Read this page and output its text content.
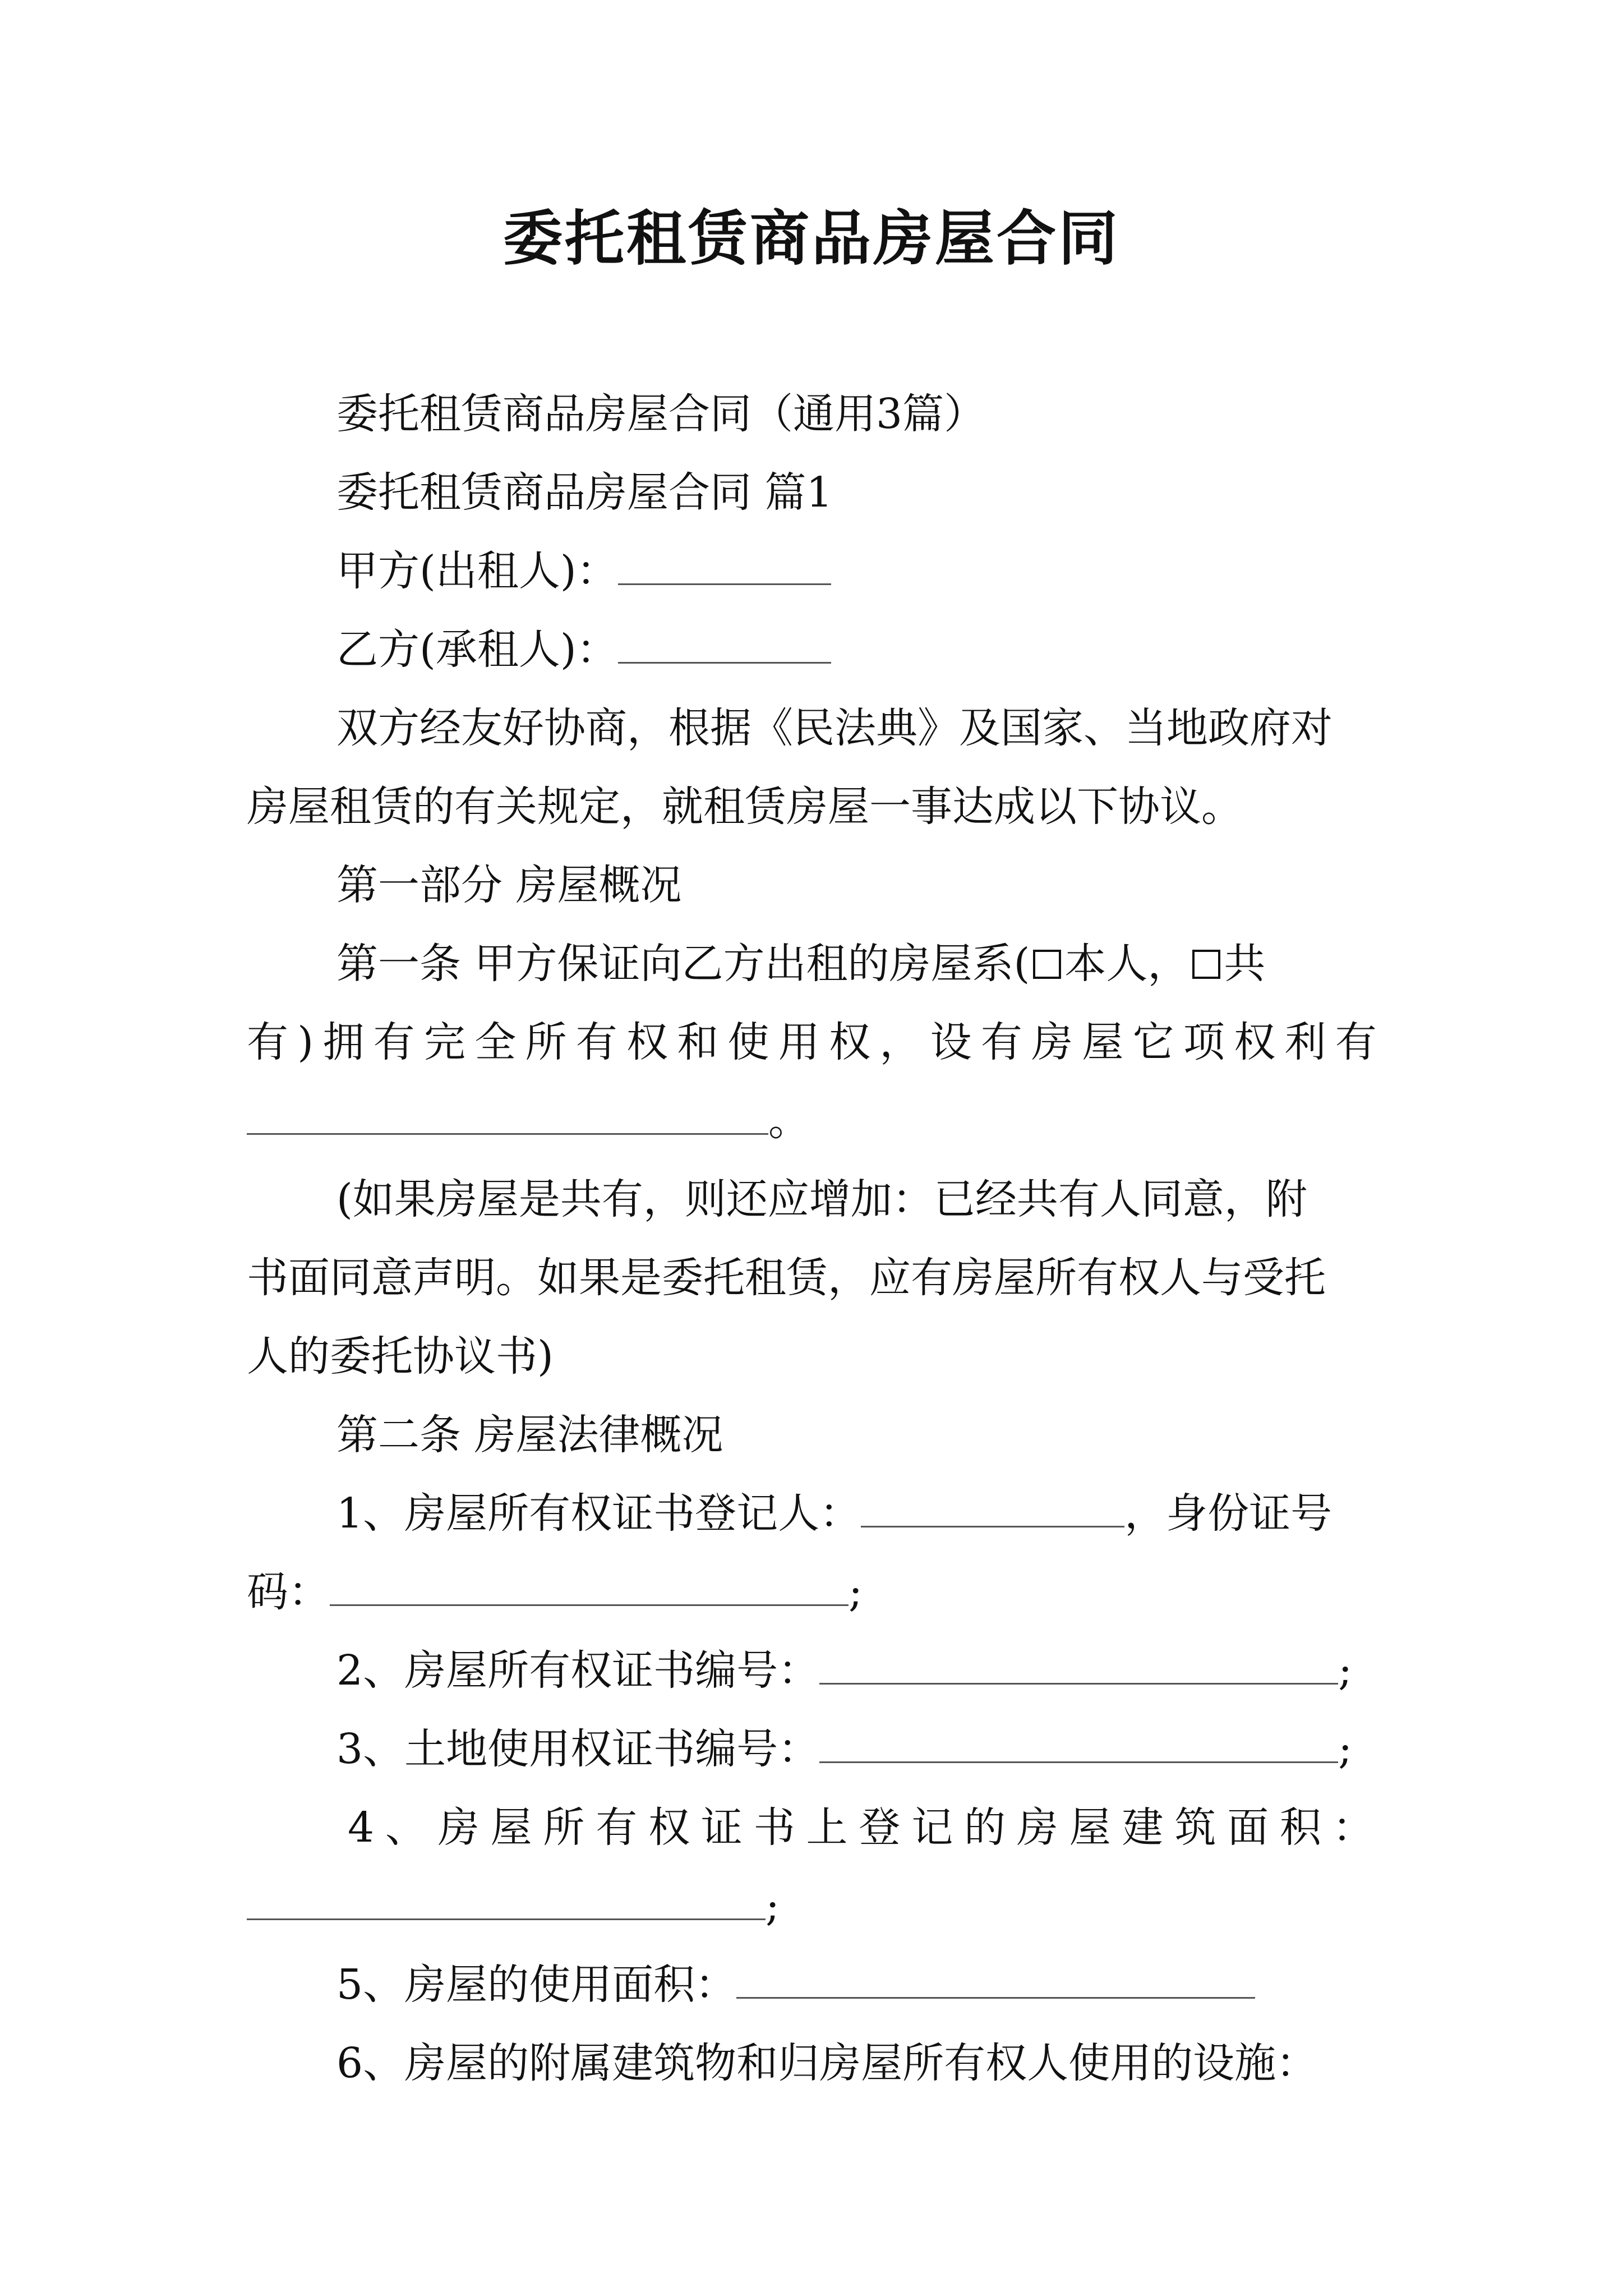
委托租赁商品房屋合同
委托租赁商品房屋合同（通用3篇）
委托租赁商品房屋合同 篇1
甲方(出租人)：
乙方(承租人)：
双方经友好协商，根据《民法典》及国家、当地政府对
房屋租赁的有关规定，就租赁房屋一事达成以下协议。
第一部分 房屋概况
第一条 甲方保证向乙方出租的房屋系( 本人， 共
有 ) 拥 有 完 全 所 有 权 和 使 用 权 ， 设 有 房 屋 它 项 权 利 有
。
(如果房屋是共有，则还应增加：已经共有人同意，附
书面同意声明。如果是委托租赁，应有房屋所有权人与受托
人的委托协议书)
第二条 房屋法律概况
1、房屋所有权证书登记人：	，身份证号
码：	;
2、房屋所有权证书编号：	;
3、土地使用权证书编号：	;
4 、 房 屋 所 有 权 证 书 上 登 记 的 房 屋 建 筑 面 积 ：
;
5、房屋的使用面积：
6、房屋的附属建筑物和归房屋所有权人使用的设施：
